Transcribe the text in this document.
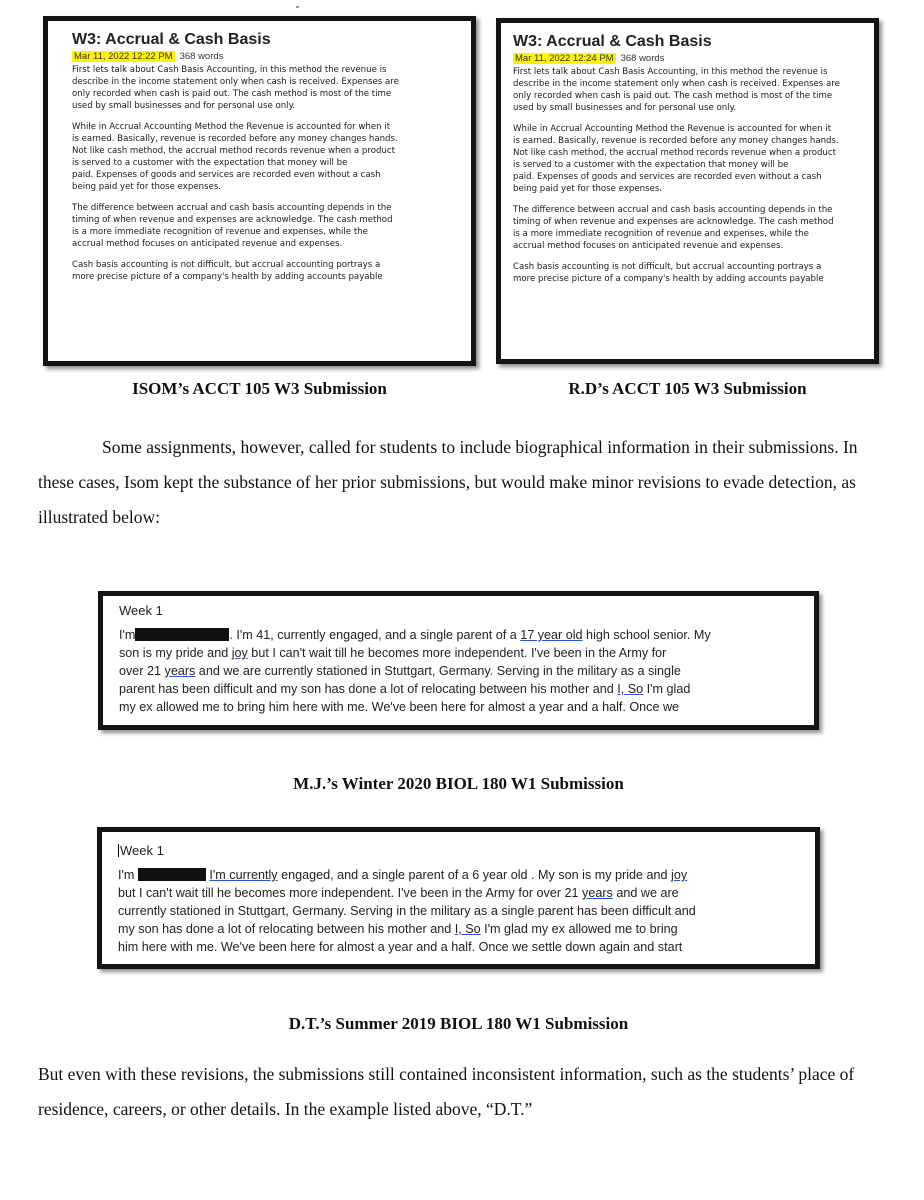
W3: Accrual & Cash Basis
Mar 11, 2022 12:22 PM 368 words

First lets talk about Cash Basis Accounting, in this method the revenue is
describe in the income statement only when cash is received. Expenses are
only recorded when cash is paid out. The cash method is most of the time
used by small businesses and for personal use only.

While in Accrual Accounting Method the Revenue is accounted for when it
is earned. Basically, revenue is recorded before any money changes hands.
Not like cash method, the accrual method records revenue when a product
is served to a customer with the expectation that money will be
paid. Expenses of goods and services are recorded even without a cash
being paid yet for those expenses.

The difference between accrual and cash basis accounting depends in the
timing of when revenue and expenses are acknowledge. The cash method
is a more immediate recognition of revenue and expenses, while the
accrual method focuses on anticipated revenue and expenses.

Cash basis accounting is not difficult, but accrual accounting portrays a
more precise picture of a company's health by adding accounts payable

ISOM’s ACCT 105 W3 Submission
W3: Accrual & Cash Basis
Mar 11, 2022 12:24 PM 368 words

First lets talk about Cash Basis Accounting, in this method the revenue is
describe in the income statement only when cash is received. Expenses are
only recorded when cash is paid out. The cash method is most of the time
used by small businesses and for personal use only.

While in Accrual Accounting Method the Revenue is accounted for when it
is earned. Basically, revenue is recorded before any money changes hands.
Not like cash method, the accrual method records revenue when a product
is served to a customer with the expectation that money will be
paid. Expenses of goods and services are recorded even without a cash
being paid yet for those expenses.

The difference between accrual and cash basis accounting depends in the
timing of when revenue and expenses are acknowledge. The cash method
is a more immediate recognition of revenue and expenses, while the
accrual method focuses on anticipated revenue and expenses.

Cash basis accounting is not difficult, but accrual accounting portrays a
more precise picture of a company's health by adding accounts payable

R.D’s ACCT 105 W3 Submission

Some assignments, however, called for students to include biographical information in their submissions. In these cases, Isom kept the substance of her prior submissions, but would make minor revisions to evade detection, as illustrated below:

Week 1
I'm	. I'm 41, currently engaged, and a single parent of a 17 year old high school senior. My
son is my pride and joy but I can't wait till he becomes more independent. I've been in the Army for
over 21 years and we are currently stationed in Stuttgart, Germany. Serving in the military as a single
parent has been difficult and my son has done a lot of relocating between his mother and I, So I'm glad
my ex allowed me to bring him here with me. We've been here for almost a year and a half. Once we
M.J.’s Winter 2020 BIOL 180 W1 Submission
Week 1
I'm	I'm currently engaged, and a single parent of a 6 year old . My son is my pride and joy
but I can't wait till he becomes more independent. I've been in the Army for over 21 years and we are
currently stationed in Stuttgart, Germany. Serving in the military as a single parent has been difficult and
my son has done a lot of relocating between his mother and I, So I'm glad my ex allowed me to bring
him here with me. We've been here for almost a year and a half. Once we settle down again and start
D.T.’s Summer 2019 BIOL 180 W1 Submission

But even with these revisions, the submissions still contained inconsistent information, such as the students’ place of residence, careers, or other details. In the example listed above, “D.T.”
